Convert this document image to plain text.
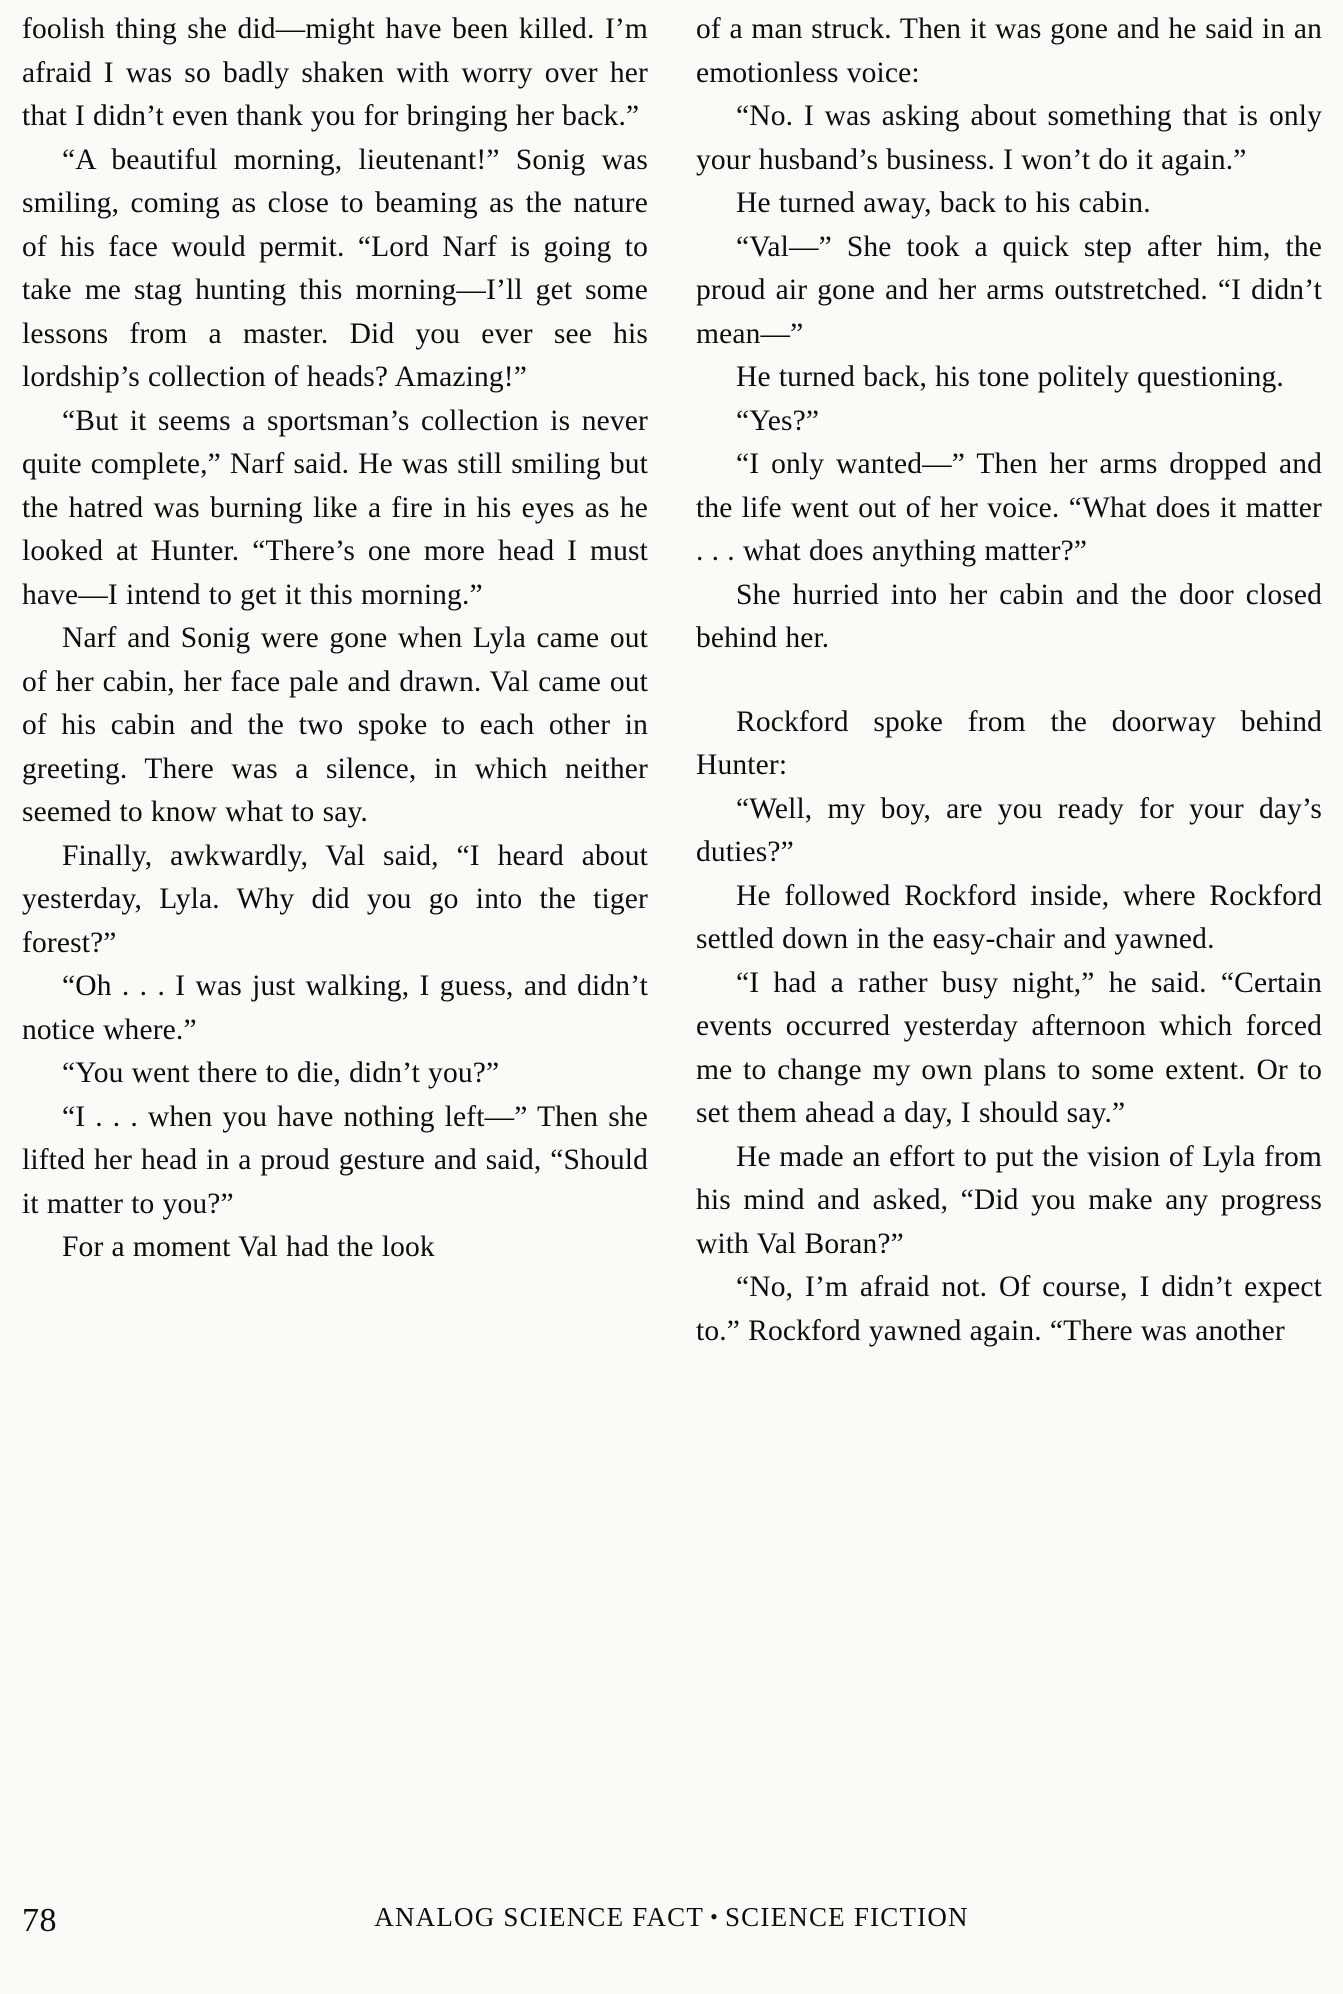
foolish thing she did—might have been killed. I’m afraid I was so badly shaken with worry over her that I didn’t even thank you for bringing her back.”

“A beautiful morning, lieutenant!” Sonig was smiling, coming as close to beaming as the nature of his face would permit. “Lord Narf is going to take me stag hunting this morning—I’ll get some lessons from a master. Did you ever see his lordship’s collection of heads? Amazing!”

“But it seems a sportsman’s collection is never quite complete,” Narf said. He was still smiling but the hatred was burning like a fire in his eyes as he looked at Hunter. “There’s one more head I must have—I intend to get it this morning.”

Narf and Sonig were gone when Lyla came out of her cabin, her face pale and drawn. Val came out of his cabin and the two spoke to each other in greeting. There was a silence, in which neither seemed to know what to say.

Finally, awkwardly, Val said, “I heard about yesterday, Lyla. Why did you go into the tiger forest?”

“Oh . . . I was just walking, I guess, and didn’t notice where.”

“You went there to die, didn’t you?”

“I . . . when you have nothing left—” Then she lifted her head in a proud gesture and said, “Should it matter to you?”

For a moment Val had the look

of a man struck. Then it was gone and he said in an emotionless voice:

“No. I was asking about something that is only your husband’s business. I won’t do it again.”

He turned away, back to his cabin.

“Val—” She took a quick step after him, the proud air gone and her arms outstretched. “I didn’t mean—”

He turned back, his tone politely questioning.

“Yes?”

“I only wanted—” Then her arms dropped and the life went out of her voice. “What does it matter . . . what does anything matter?”

She hurried into her cabin and the door closed behind her.

Rockford spoke from the doorway behind Hunter:

“Well, my boy, are you ready for your day’s duties?”

He followed Rockford inside, where Rockford settled down in the easy-chair and yawned.

“I had a rather busy night,” he said. “Certain events occurred yesterday afternoon which forced me to change my own plans to some extent. Or to set them ahead a day, I should say.”

He made an effort to put the vision of Lyla from his mind and asked, “Did you make any progress with Val Boran?”

“No, I’m afraid not. Of course, I didn’t expect to.” Rockford yawned again. “There was another

78	ANALOG SCIENCE FACT • SCIENCE FICTION
